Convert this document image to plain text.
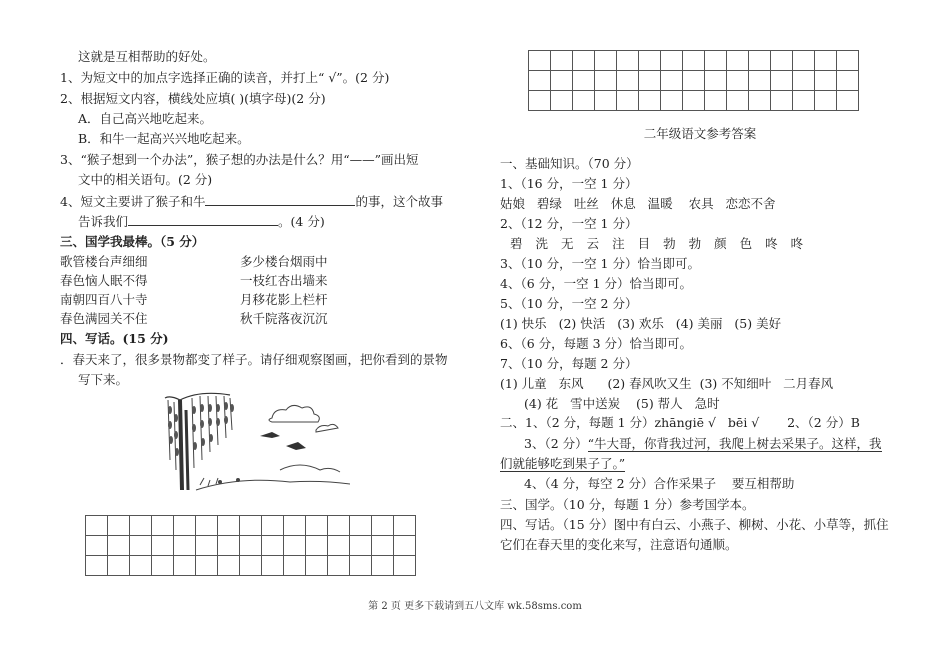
这就是互相帮助的好处。
1、为短文中的加点字选择正确的读音，并打上“ √”。(2 分)
2、根据短文内容，横线处应填( )(填字母)(2 分)
A．自己高兴地吃起来。
B．和牛一起高兴兴地吃起来。
3、“猴子想到一个办法”，猴子想的办法是什么？用“——”画出短
文中的相关语句。(2 分)
4、短文主要讲了猴子和牛	的事，这个故事
告诉我们	。(4 分)
三、国学我最棒。（5 分）
歌管楼台声细细	多少楼台烟雨中
春色恼人眠不得	一枝红杏出墙来
南朝四百八十寺	月移花影上栏杆
春色满园关不住	秋千院落夜沉沉
四、写话。(15 分)
．春天来了，很多景物都变了样子。请仔细观察图画，把你看到的景物
写下来。

二年级语文参考答案
一、基础知识。（70 分）
1、（16 分，一空 1 分）
姑娘   碧绿   吐丝   休息   温暖    农具   恋恋不舍
2、（12 分，一空 1 分）
碧 洗 无 云 注 目 勃 勃 颜 色 咚 咚
3、（10 分，一空 1 分）恰当即可。
4、（6 分，一空 1 分）恰当即可。
5、（10 分，一空 2 分）
(1) 快乐   (2) 快活   (3) 欢乐   (4) 美丽   (5) 美好
6、（6 分，每题 3 分）恰当即可。
7、（10 分，每题 2 分）
(1) 儿童   东风      (2) 春风吹又生  (3) 不知细叶   二月春风
(4) 花   雪中送炭    (5) 帮人   急时
二、1、（2 分，每题 1 分）zhāngiē √   bēi √       2、（2 分）B
3、（2 分）“牛大哥，你背我过河，我爬上树去采果子。这样，我
们就能够吃到果子了。”
4、（4 分，每空 2 分）合作采果子    要互相帮助
三、国学。（10 分，每题 1 分）参考国学本。
四、写话。（15 分）图中有白云、小燕子、柳树、小花、小草等，抓住
它们在春天里的变化来写，注意语句通顺。
第 2 页 更多下载请到五八文库 wk.58sms.com
